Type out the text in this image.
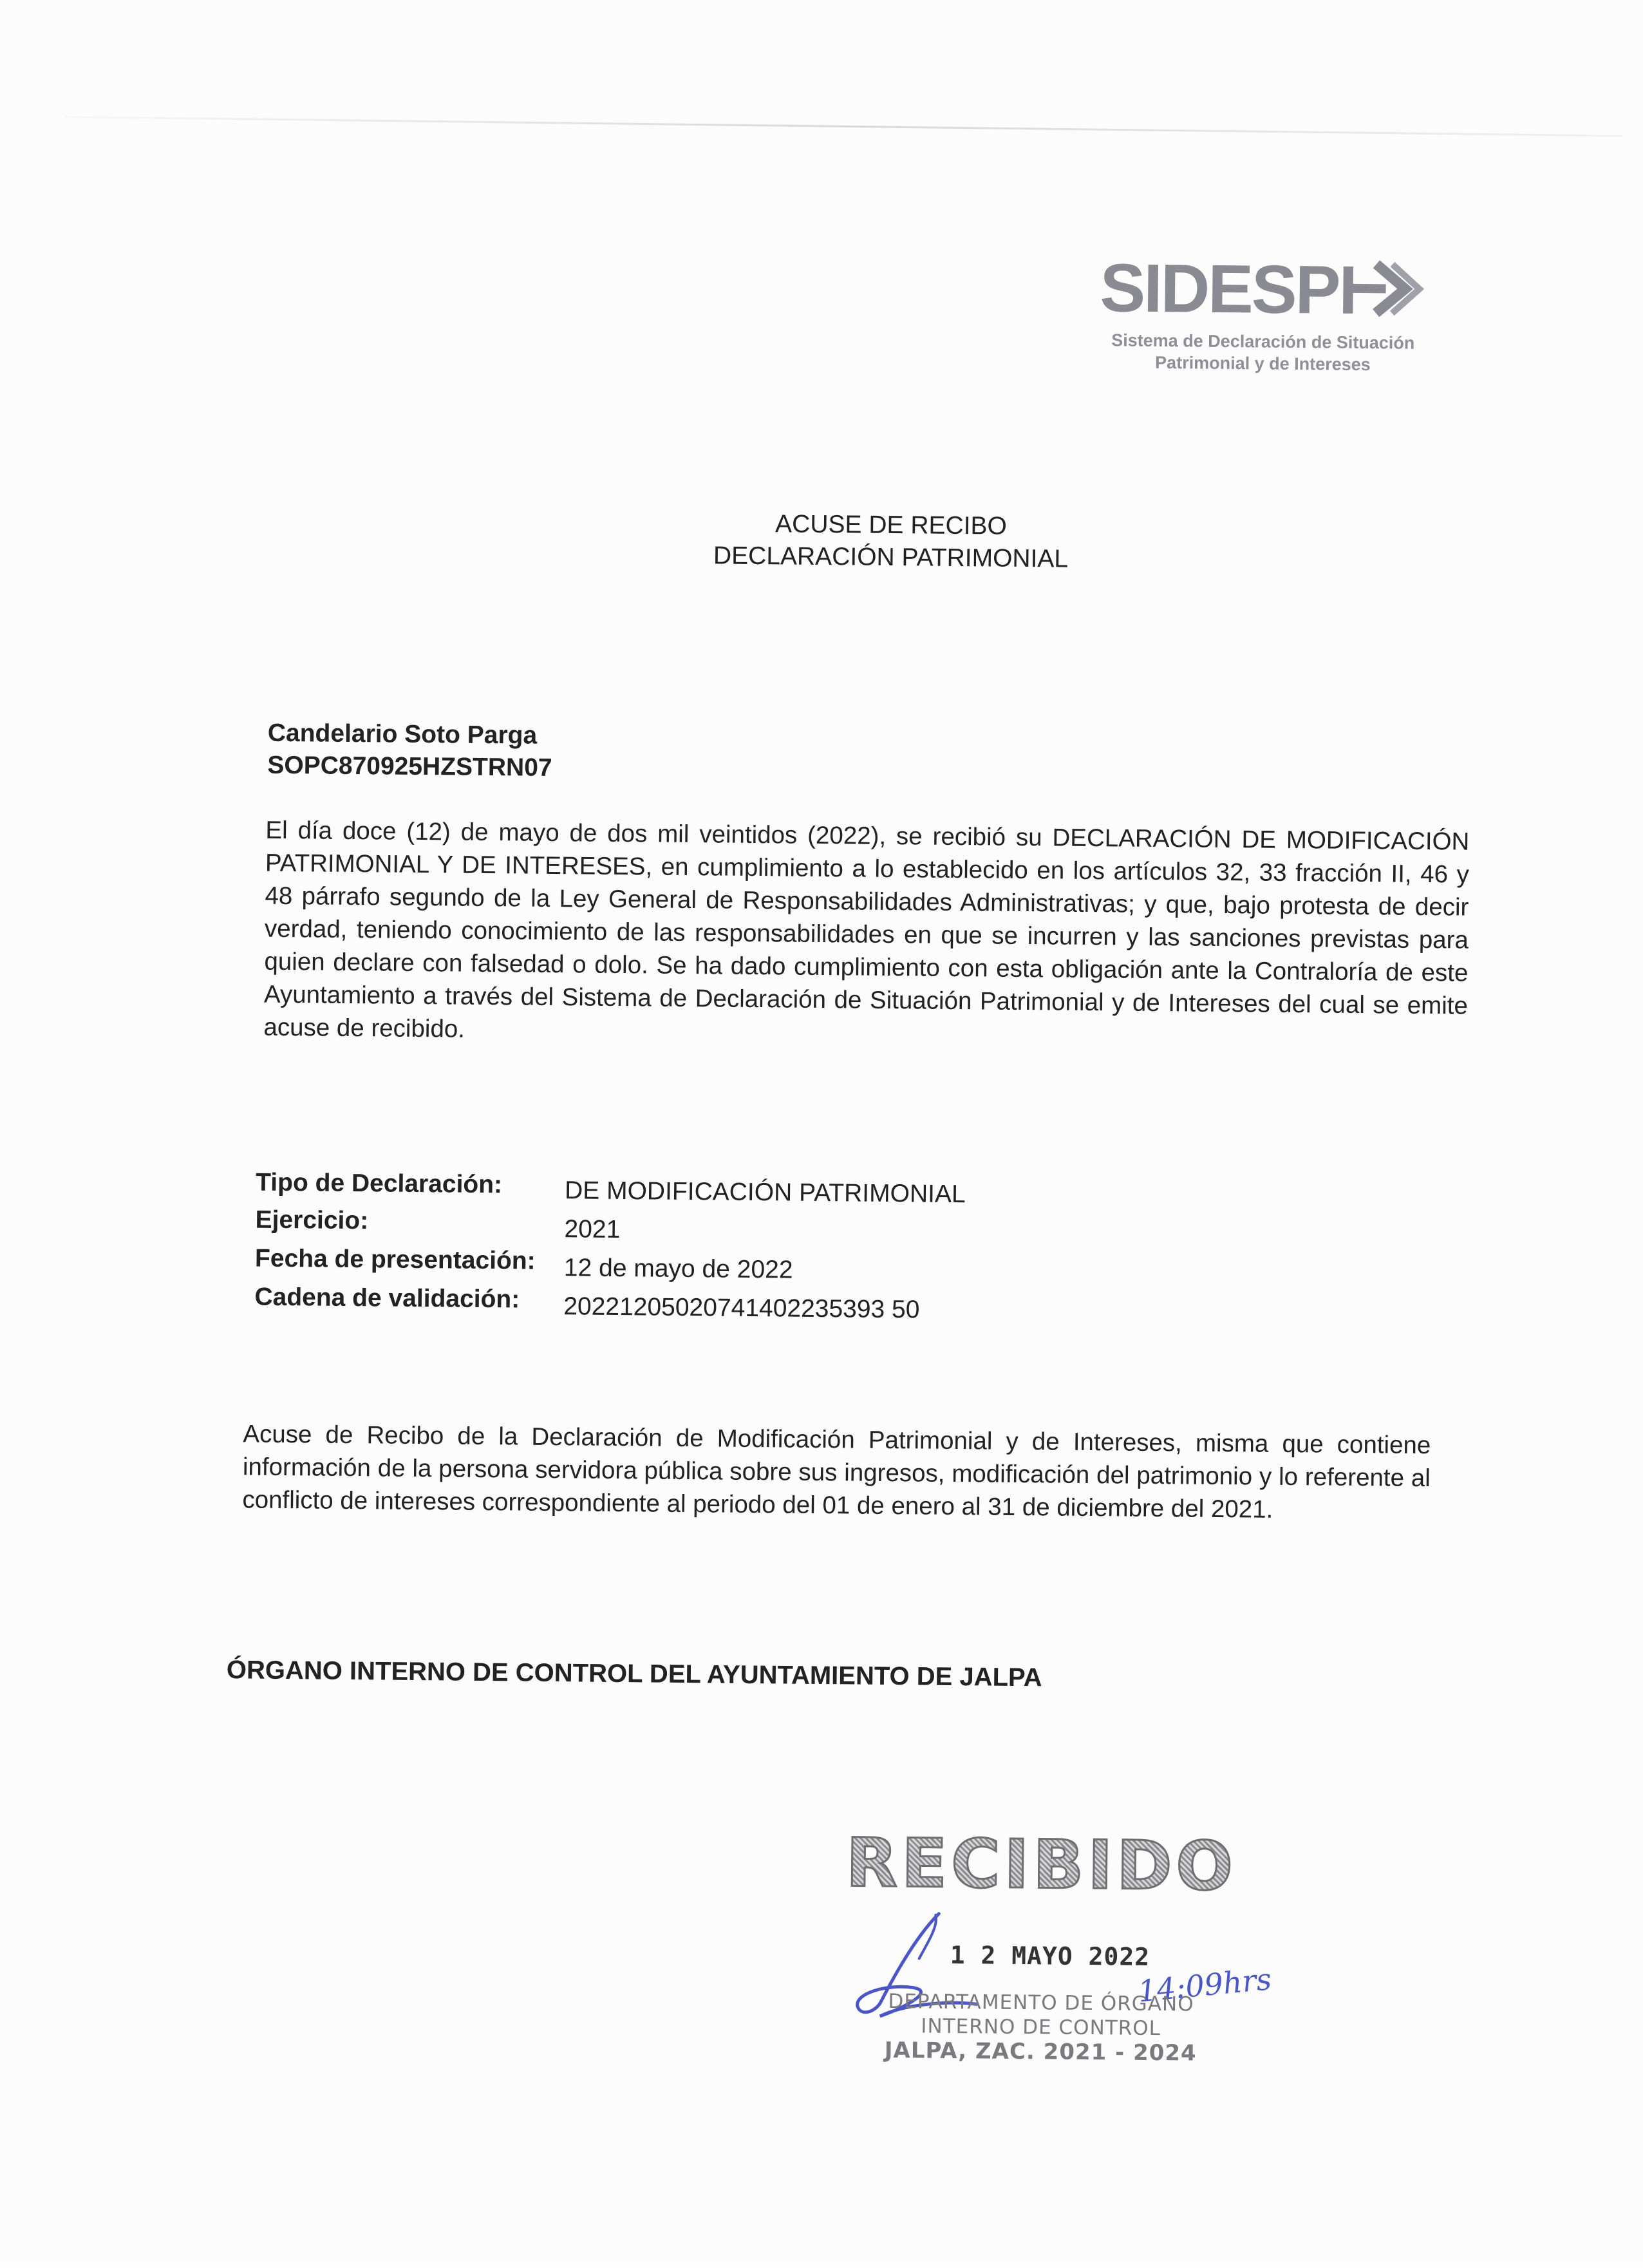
SIDESPI
Sistema de Declaración de Situación
Patrimonial y de Intereses
ACUSE DE RECIBO
DECLARACIÓN PATRIMONIAL
Candelario Soto Parga
SOPC870925HZSTRN07
El día doce (12) de mayo de dos mil veintidos (2022), se recibió su DECLARACIÓN DE MODIFICACIÓN PATRIMONIAL Y DE INTERESES, en cumplimiento a lo establecido en los artículos 32, 33 fracción II, 46 y 48 párrafo segundo de la Ley General de Responsabilidades Administrativas; y que, bajo protesta de decir verdad, teniendo conocimiento de las responsabilidades en que se incurren y las sanciones previstas para quien declare con falsedad o dolo. Se ha dado cumplimiento con esta obligación ante la Contraloría de este Ayuntamiento a través del Sistema de Declaración de Situación Patrimonial y de Intereses del cual se emite acuse de recibido.
Tipo de Declaración: DE MODIFICACIÓN PATRIMONIAL
Ejercicio:	2021
Fecha de presentación: 12 de mayo de 2022
Cadena de validación: 20221205020741402235393 50
Acuse de Recibo de la Declaración de Modificación Patrimonial y de Intereses, misma que contiene información de la persona servidora pública sobre sus ingresos, modificación del patrimonio y lo referente al conflicto de intereses correspondiente al periodo del 01 de enero al 31 de diciembre del 2021.
ÓRGANO INTERNO DE CONTROL DEL AYUNTAMIENTO DE JALPA
RECIBIDO
1 2 MAYO 2022
14:09hrs
DEPARTAMENTO DE ÓRGANO
INTERNO DE CONTROL
JALPA, ZAC. 2021 - 2024
